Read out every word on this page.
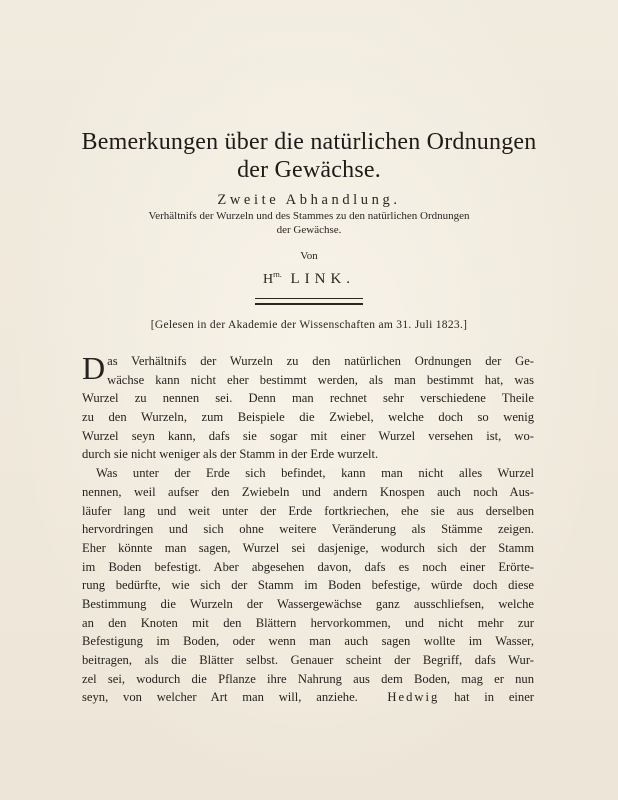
Bemerkungen über die natürlichen Ordnungen
der Gewächse.
Zweite Abhandlung.
Verhältnifs der Wurzeln und des Stammes zu den natürlichen Ordnungen
der Gewächse.
Von
$H^{rn.}$ LINK.
[Gelesen in der Akademie der Wissenschaften am 31. Juli 1823.]
D as Verhältnifs der Wurzeln zu den natürlichen Ordnungen der Ge-
wächse kann nicht eher bestimmt werden, als man bestimmt hat, was
Wurzel zu nennen sei. Denn man rechnet sehr verschiedene Theile
zu den Wurzeln, zum Beispiele die Zwiebel, welche doch so wenig
Wurzel seyn kann, dafs sie sogar mit einer Wurzel versehen ist, wo-
durch sie nicht weniger als der Stamm in der Erde wurzelt.
Was unter der Erde sich befindet, kann man nicht alles Wurzel
nennen, weil aufser den Zwiebeln und andern Knospen auch noch Aus-
läufer lang und weit unter der Erde fortkriechen, ehe sie aus derselben
hervordringen und sich ohne weitere Veränderung als Stämme zeigen.
Eher könnte man sagen, Wurzel sei dasjenige, wodurch sich der Stamm
im Boden befestigt. Aber abgesehen davon, dafs es noch einer Erörte-
rung bedürfte, wie sich der Stamm im Boden befestige, würde doch diese
Bestimmung die Wurzeln der Wassergewächse ganz ausschliefsen, welche
an den Knoten mit den Blättern hervorkommen, und nicht mehr zur
Befestigung im Boden, oder wenn man auch sagen wollte im Wasser,
beitragen, als die Blätter selbst. Genauer scheint der Begriff, dafs Wur-
zel sei, wodurch die Pflanze ihre Nahrung aus dem Boden, mag er nun
seyn, von welcher Art man will, anziehe. Hedwig hat in einer
